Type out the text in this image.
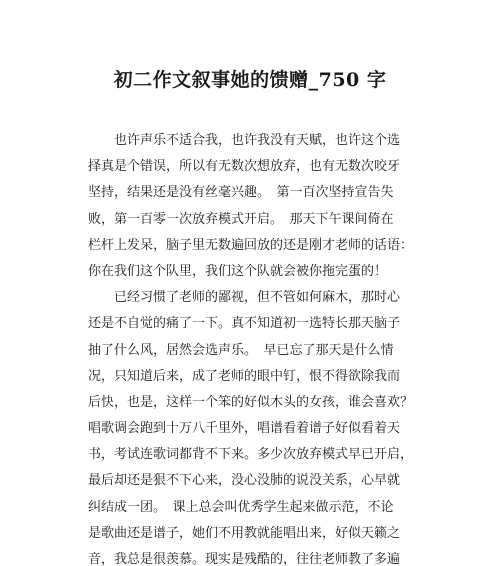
初二作文叙事她的馈赠_750 字
　　也许声乐不适合我，也许我没有天赋，也许这个选
择真是个错误，所以有无数次想放弃，也有无数次咬牙
坚持，结果还是没有丝毫兴趣。　第一百次坚持宣告失
败，第一百零一次放弃模式开启。　那天下午课间倚在
栏杆上发呆，脑子里无数遍回放的还是刚才老师的话语：
你在我们这个队里，我们这个队就会被你拖完蛋的！
　　已经习惯了老师的鄙视，但不管如何麻木，那时心
还是不自觉的痛了一下。真不知道初一选特长那天脑子
抽了什么风，居然会选声乐。　早已忘了那天是什么情
况，只知道后来，成了老师的眼中钉，恨不得欲除我而
后快，也是，这样一个笨的好似木头的女孩，谁会喜欢？
唱歌调会跑到十万八千里外，唱谱看着谱子好似看着天
书，考试连歌词都背不下来。多少次放弃模式早已开启，
最后却还是狠不下心来，没心没肺的说没关系，心早就
纠结成一团。　课上总会叫优秀学生起来做示范，不论
是歌曲还是谱子，她们不用教就能唱出来，好似天籁之
音，我总是很羡慕。现实是残酷的，往往老师教了多遍
